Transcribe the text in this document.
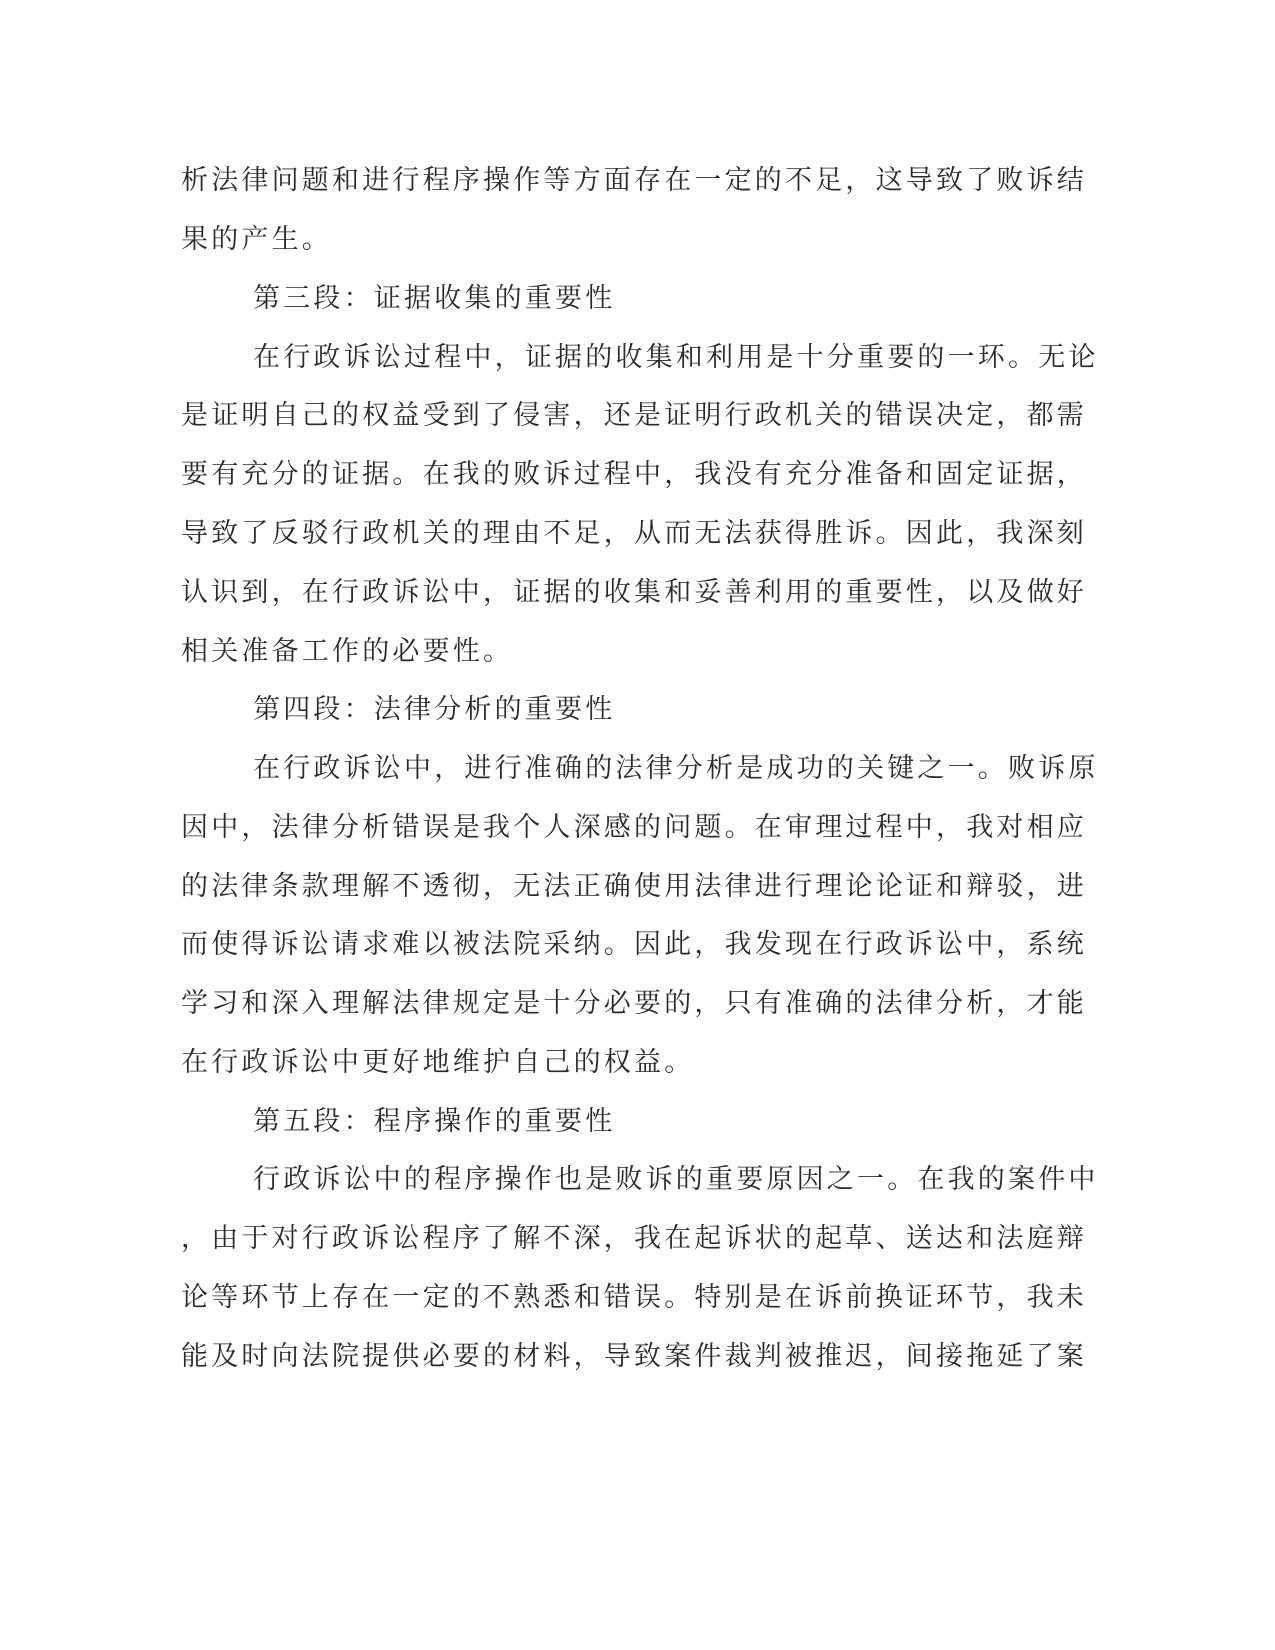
析法律问题和进行程序操作等方面存在一定的不足，这导致了败诉结
果的产生。
第三段：证据收集的重要性
在行政诉讼过程中，证据的收集和利用是十分重要的一环。无论
是证明自己的权益受到了侵害，还是证明行政机关的错误决定，都需
要有充分的证据。在我的败诉过程中，我没有充分准备和固定证据，
导致了反驳行政机关的理由不足，从而无法获得胜诉。因此，我深刻
认识到，在行政诉讼中，证据的收集和妥善利用的重要性，以及做好
相关准备工作的必要性。
第四段：法律分析的重要性
在行政诉讼中，进行准确的法律分析是成功的关键之一。败诉原
因中，法律分析错误是我个人深感的问题。在审理过程中，我对相应
的法律条款理解不透彻，无法正确使用法律进行理论论证和辩驳，进
而使得诉讼请求难以被法院采纳。因此，我发现在行政诉讼中，系统
学习和深入理解法律规定是十分必要的，只有准确的法律分析，才能
在行政诉讼中更好地维护自己的权益。
第五段：程序操作的重要性
行政诉讼中的程序操作也是败诉的重要原因之一。在我的案件中
，由于对行政诉讼程序了解不深，我在起诉状的起草、送达和法庭辩
论等环节上存在一定的不熟悉和错误。特别是在诉前换证环节，我未
能及时向法院提供必要的材料，导致案件裁判被推迟，间接拖延了案
